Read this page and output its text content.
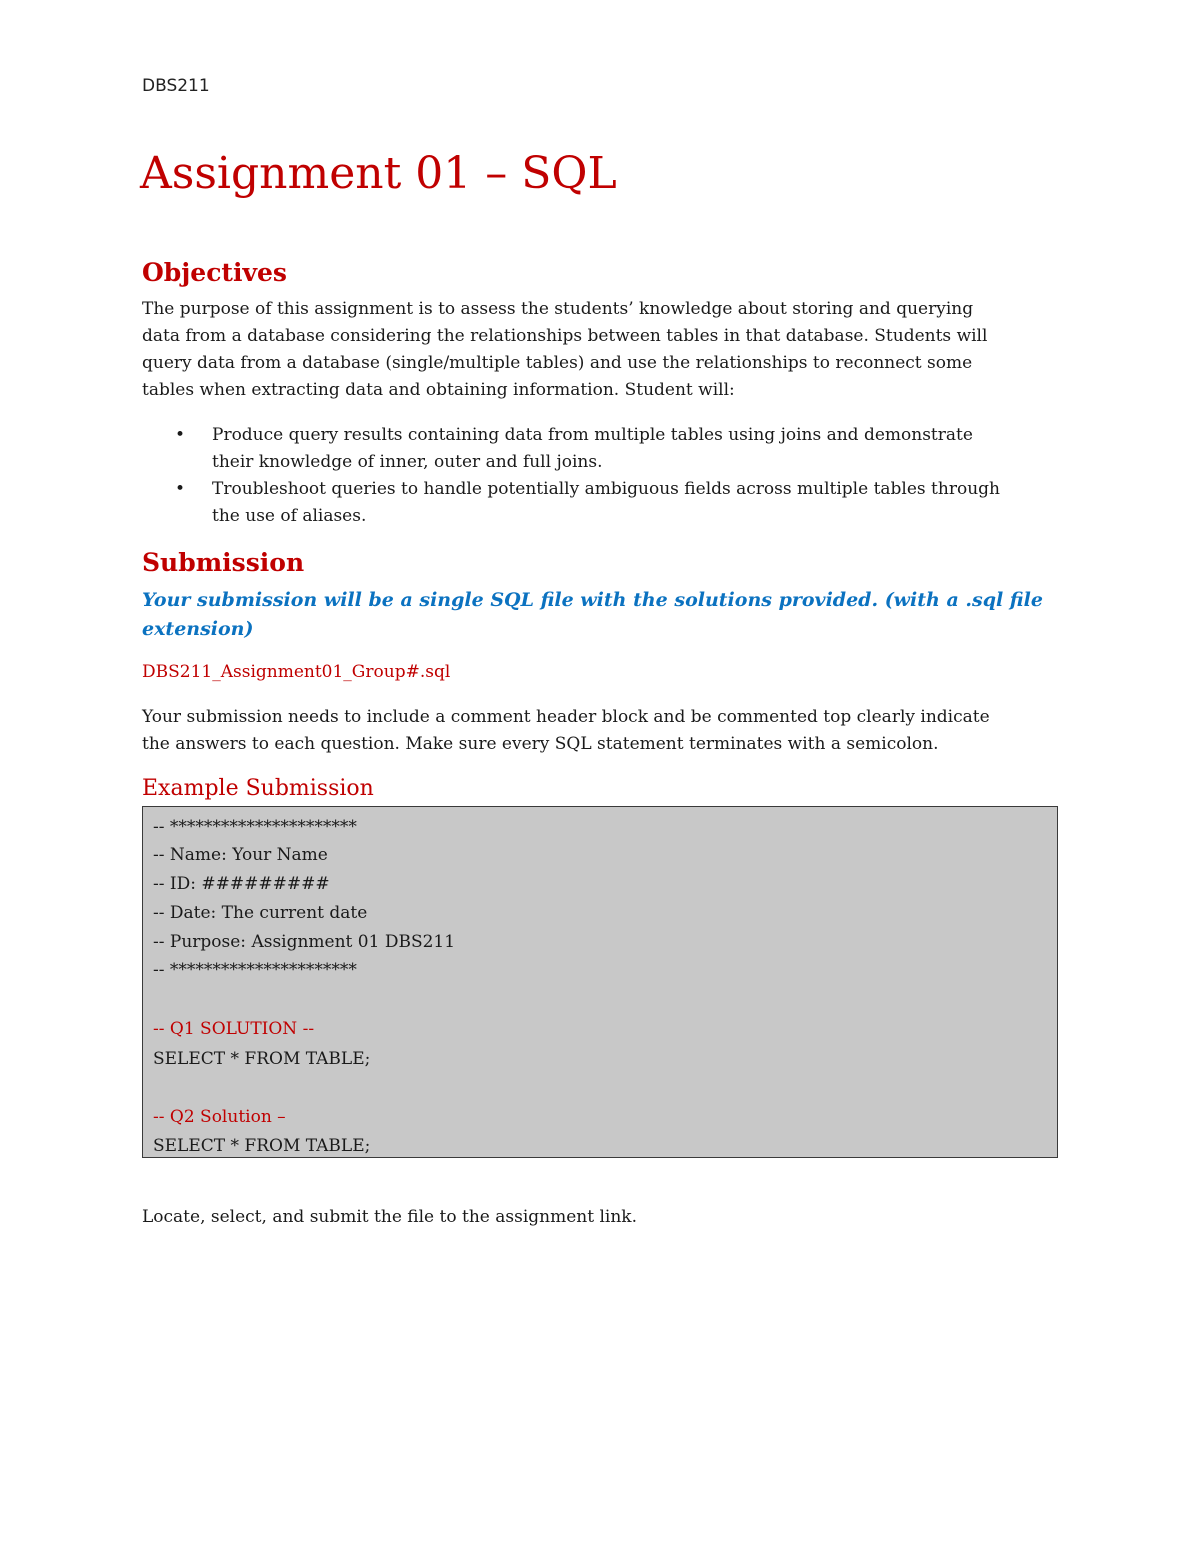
DBS211
Assignment 01 – SQL
Objectives
The purpose of this assignment is to assess the students’ knowledge about storing and querying
data from a database considering the relationships between tables in that database. Students will
query data from a database (single/multiple tables) and use the relationships to reconnect some
tables when extracting data and obtaining information. Student will:
• Produce query results containing data from multiple tables using joins and demonstrate
their knowledge of inner, outer and full joins.
• Troubleshoot queries to handle potentially ambiguous fields across multiple tables through
the use of aliases.
Submission
Your submission will be a single SQL file with the solutions provided. (with a .sql file
extension)
DBS211_Assignment01_Group#.sql
Your submission needs to include a comment header block and be commented top clearly indicate
the answers to each question. Make sure every SQL statement terminates with a semicolon.
Example Submission
-- **********************
-- Name: Your Name
-- ID: #########
-- Date: The current date
-- Purpose: Assignment 01 DBS211
-- **********************
-- Q1 SOLUTION --
SELECT * FROM TABLE;
-- Q2 Solution –
SELECT * FROM TABLE;
Locate, select, and submit the file to the assignment link.
